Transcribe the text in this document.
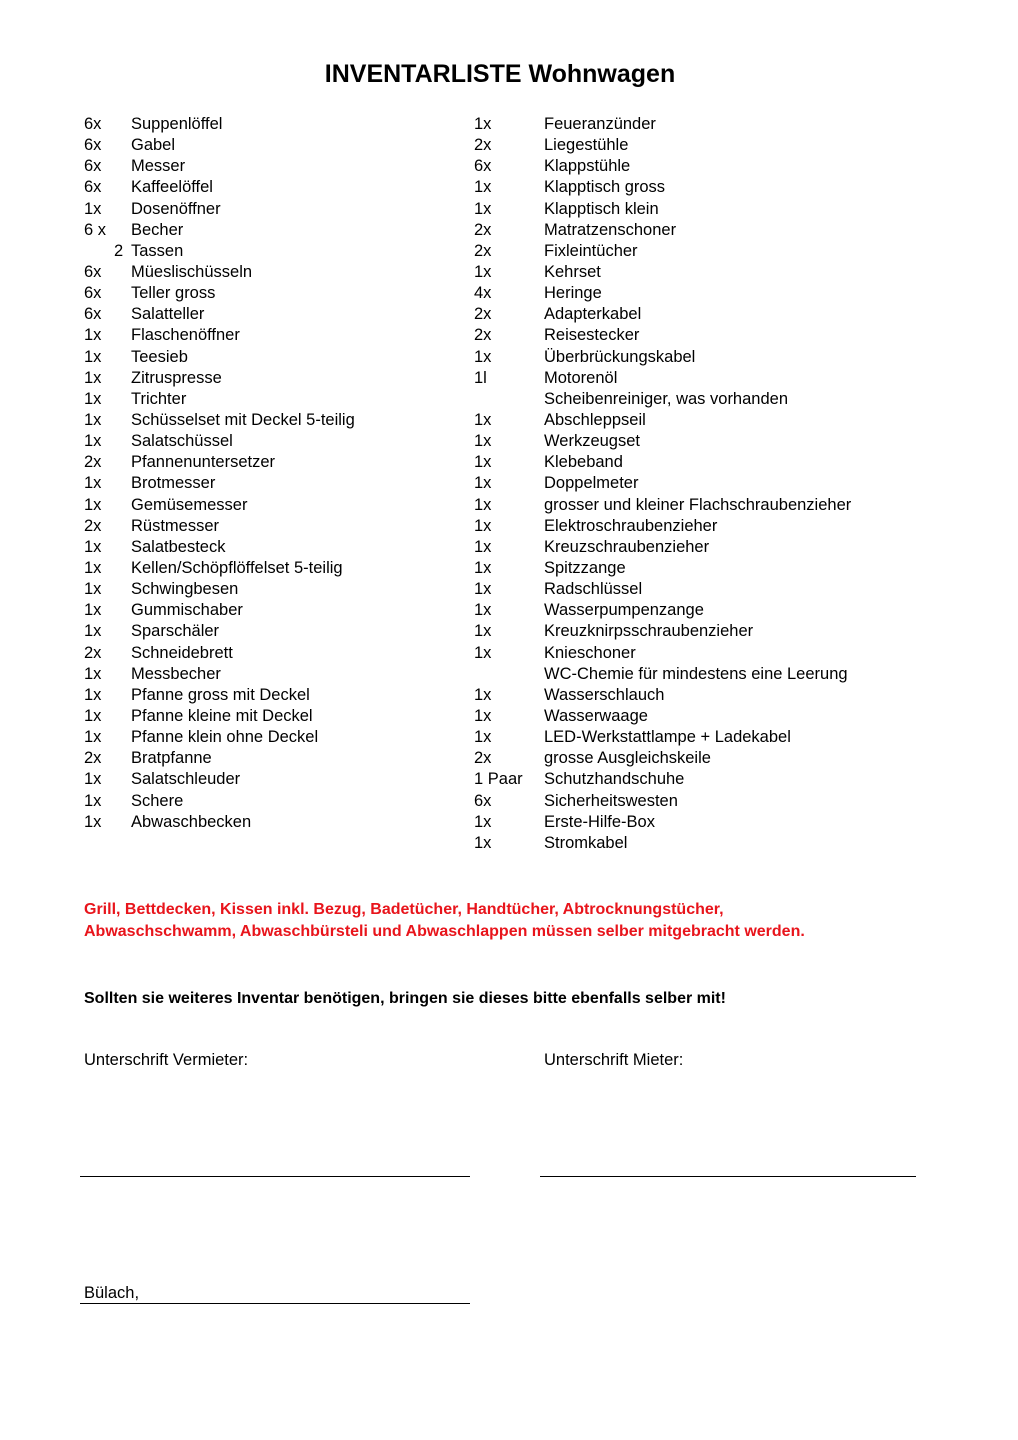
INVENTARLISTE Wohnwagen
6x Suppenlöffel
6x Gabel
6x Messer
6x Kaffeelöffel
1x Dosenöffner
6 x Becher
2 Tassen
6x Müeslischüsseln
6x Teller gross
6x Salatteller
1x Flaschenöffner
1x Teesieb
1x Zitruspresse
1x Trichter
1x Schüsselset mit Deckel 5-teilig
1x Salatschüssel
2x Pfannenuntersetzer
1x Brotmesser
1x Gemüsemesser
2x Rüstmesser
1x Salatbesteck
1x Kellen/Schöpflöffelset 5-teilig
1x Schwingbesen
1x Gummischaber
1x Sparschäler
2x Schneidebrett
1x Messbecher
1x Pfanne gross mit Deckel
1x Pfanne kleine mit Deckel
1x Pfanne klein ohne Deckel
2x Bratpfanne
1x Salatschleuder
1x Schere
1x Abwaschbecken
1x	Feueranzünder
2x	Liegestühle
6x	Klappstühle
1x	Klapptisch gross
1x	Klapptisch klein
2x	Matratzenschoner
2x	Fixleintücher
1x	Kehrset
4x	Heringe
2x	Adapterkabel
2x	Reisestecker
1x	Überbrückungskabel
1l	Motorenöl
Scheibenreiniger, was vorhanden
1x	Abschleppseil
1x	Werkzeugset
1x	Klebeband
1x	Doppelmeter
1x	grosser und kleiner Flachschraubenzieher
1x	Elektroschraubenzieher
1x	Kreuzschraubenzieher
1x	Spitzzange
1x	Radschlüssel
1x	Wasserpumpenzange
1x	Kreuzknirpsschraubenzieher
1x	Knieschoner
WC-Chemie für mindestens eine Leerung
1x	Wasserschlauch
1x	Wasserwaage
1x	LED-Werkstattlampe + Ladekabel
2x	grosse Ausgleichskeile
1 Paar Schutzhandschuhe
6x	Sicherheitswesten
1x	Erste-Hilfe-Box
1x	Stromkabel
Grill, Bettdecken, Kissen inkl. Bezug, Badetücher, Handtücher, Abtrocknungstücher,
Abwaschschwamm, Abwaschbürsteli und Abwaschlappen müssen selber mitgebracht werden.
Sollten sie weiteres Inventar benötigen, bringen sie dieses bitte ebenfalls selber mit!
Unterschrift Vermieter:	Unterschrift Mieter:
Bülach,
